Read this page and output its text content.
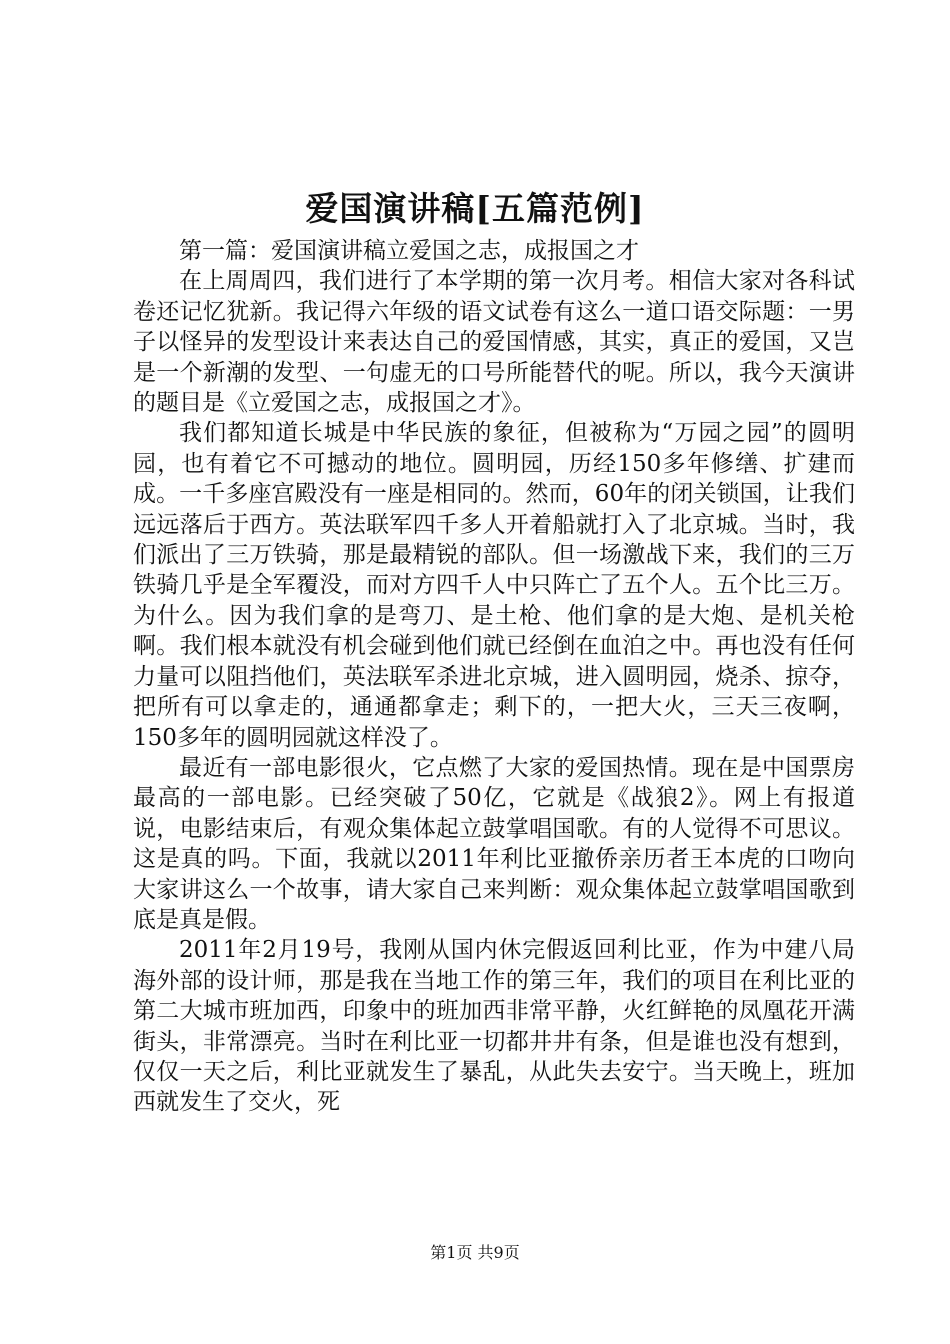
爱国演讲稿[五篇范例]

第一篇：爱国演讲稿立爱国之志，成报国之才

在上周周四，我们进行了本学期的第一次月考。相信大家对各科试卷还记忆犹新。我记得六年级的语文试卷有这么一道口语交际题：一男子以怪异的发型设计来表达自己的爱国情感，其实，真正的爱国，又岂是一个新潮的发型、一句虚无的口号所能替代的呢。所以，我今天演讲的题目是《立爱国之志，成报国之才》。

我们都知道长城是中华民族的象征，但被称为“万园之园”的圆明园，也有着它不可撼动的地位。圆明园，历经150多年修缮、扩建而成。一千多座宫殿没有一座是相同的。然而，60年的闭关锁国，让我们远远落后于西方。英法联军四千多人开着船就打入了北京城。当时，我们派出了三万铁骑，那是最精锐的部队。但一场激战下来，我们的三万铁骑几乎是全军覆没，而对方四千人中只阵亡了五个人。五个比三万。为什么。因为我们拿的是弯刀、是土枪、他们拿的是大炮、是机关枪啊。我们根本就没有机会碰到他们就已经倒在血泊之中。再也没有任何力量可以阻挡他们，英法联军杀进北京城，进入圆明园，烧杀、掠夺，把所有可以拿走的，通通都拿走；剩下的，一把大火，三天三夜啊，150多年的圆明园就这样没了。

最近有一部电影很火，它点燃了大家的爱国热情。现在是中国票房最高的一部电影。已经突破了50亿，它就是《战狼2》。网上有报道说，电影结束后，有观众集体起立鼓掌唱国歌。有的人觉得不可思议。这是真的吗。下面，我就以2011年利比亚撤侨亲历者王本虎的口吻向大家讲这么一个故事，请大家自己来判断：观众集体起立鼓掌唱国歌到底是真是假。

2011年2月19号，我刚从国内休完假返回利比亚，作为中建八局海外部的设计师，那是我在当地工作的第三年，我们的项目在利比亚的第二大城市班加西，印象中的班加西非常平静，火红鲜艳的凤凰花开满街头，非常漂亮。当时在利比亚一切都井井有条，但是谁也没有想到，仅仅一天之后，利比亚就发生了暴乱，从此失去安宁。当天晚上，班加西就发生了交火，死

第1页 共9页
